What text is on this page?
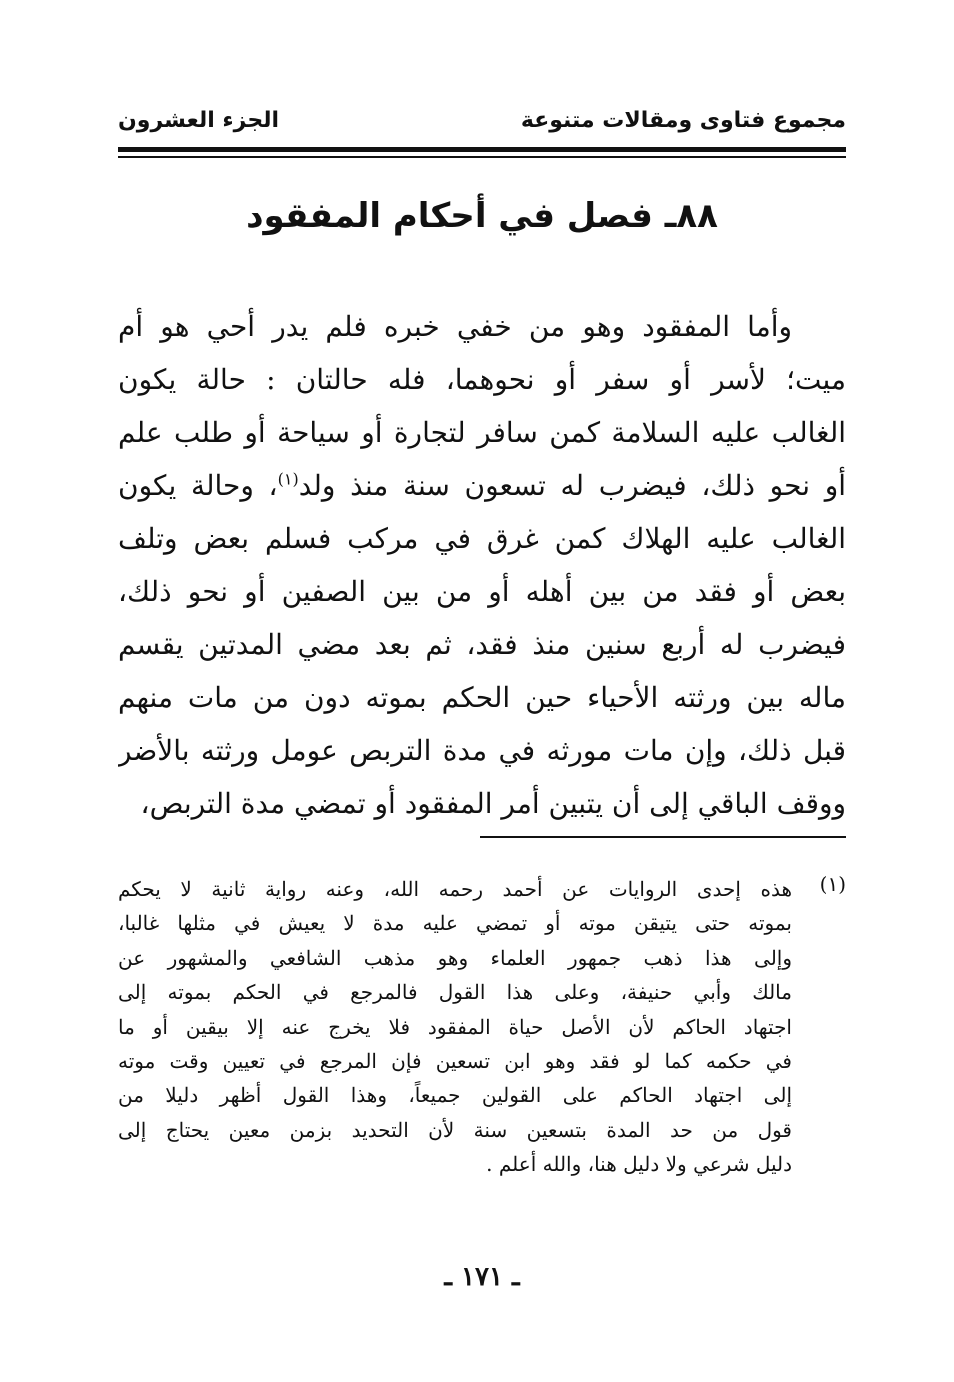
مجموع فتاوى ومقالات متنوعة
الجزء العشرون
٨٨ـ فصل في أحكام المفقود
وأما المفقود وهو من خفي خبره فلم يدر أحي هو أم
ميت؛ لأسر أو سفر أو نحوهما، فله حالتان : حالة يكون
الغالب عليه السلامة كمن سافر لتجارة أو سياحة أو طلب علم
أو نحو ذلك، فيضرب له تسعون سنة منذ ولد$^{(١)}$، وحالة يكون
الغالب عليه الهلاك كمن غرق في مركب فسلم بعض وتلف
بعض أو فقد من بين أهله أو من بين الصفين أو نحو ذلك،
فيضرب له أربع سنين منذ فقد، ثم بعد مضي المدتين يقسم
ماله بين ورثته الأحياء حين الحكم بموته دون من مات منهم
قبل ذلك، وإن مات مورثه في مدة التربص عومل ورثته بالأضر
ووقف الباقي إلى أن يتبين أمر المفقود أو تمضي مدة التربص،
(١)
هذه إحدى الروايات عن أحمد رحمه الله، وعنه رواية ثانية لا يحكم
بموته حتى يتيقن موته أو تمضي عليه مدة لا يعيش في مثلها غالبا،
وإلى هذا ذهب جمهور العلماء وهو مذهب الشافعي والمشهور عن
مالك وأبي حنيفة، وعلى هذا القول فالمرجع في الحكم بموته إلى
اجتهاد الحاكم لأن الأصل حياة المفقود فلا يخرج عنه إلا بيقين أو ما
في حكمه كما لو فقد وهو ابن تسعين فإن المرجع في تعيين وقت موته
إلى اجتهاد الحاكم على القولين جميعاً، وهذا القول أظهر دليلا من
قول من حد المدة بتسعين سنة لأن التحديد بزمن معين يحتاج إلى
دليل شرعي ولا دليل هنا، والله أعلم .
ـ ١٧١ ـ
